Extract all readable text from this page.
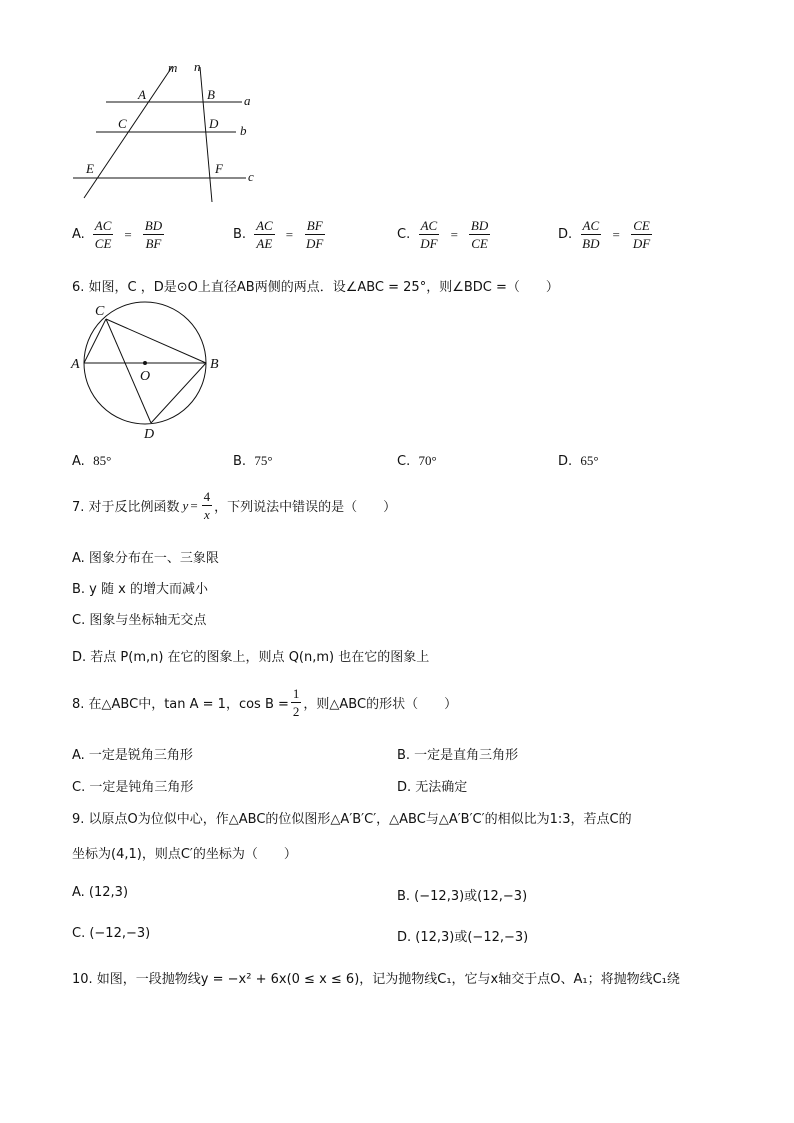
m n
A	B a
C	D b
E	F
c
A. $\frac{AC}{CE} = \frac{BD}{BF}$	B. $\frac{AC}{AE} = \frac{BF}{DF}$	C. $\frac{AC}{DF} = \frac{BD}{CE}$	D. $\frac{AC}{BD} = \frac{CE}{DF}$
6. 如图，C ，D是⊙O上直径AB两侧的两点．设∠ABC = 25°，则∠BDC =（　　）
C
A
O
B
D
A. 85°	B. 75°	C. 70°	D. 65°
7. 对于反比例函数 $y = \frac{4}{x}$ ，下列说法中错误的是（　　）
A. 图象分布在一、三象限
B. y 随 x 的增大而减小
C. 图象与坐标轴无交点
D. 若点 P(m,n) 在它的图象上，则点 Q(n,m) 也在它的图象上
8. 在△ABC中，tan A = 1，$\cos B = \frac{1}{2}$ ，则△ABC的形状（　　）
A. 一定是锐角三角形	B. 一定是直角三角形
C. 一定是钝角三角形	D. 无法确定
9. 以原点O为位似中心，作△ABC的位似图形△A′B′C′，△ABC与△A′B′C′的相似比为1:3，若点C的
坐标为(4,1)，则点C′的坐标为（　　）
A. (12,3)	B. (−12,3)或(12,−3)
C. (−12,−3)	D. (12,3)或(−12,−3)
10. 如图，一段抛物线y = −x² + 6x(0 ≤ x ≤ 6)，记为抛物线C₁，它与x轴交于点O、A₁；将抛物线C₁绕
